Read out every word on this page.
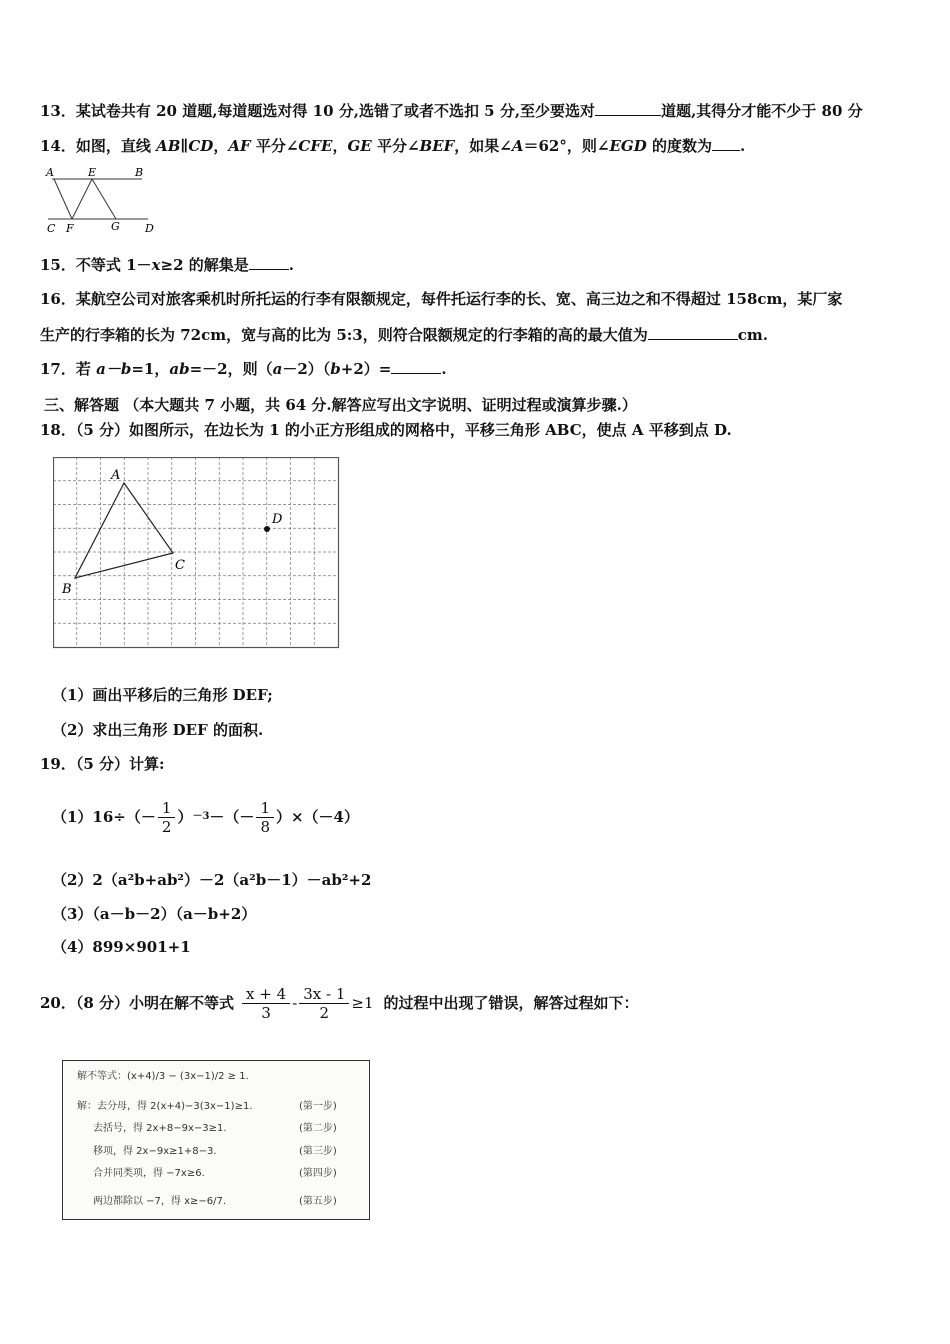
13．某试卷共有 20 道题,每道题选对得 10 分,选错了或者不选扣 5 分,至少要选对	道题,其得分才能不少于 80 分
14．如图，直线 AB∥CD，AF 平分∠CFE，GE 平分∠BEF，如果∠A＝62°，则∠EGD 的度数为 .
A	E	B
C F	G D
15．不等式 1－x≥2 的解集是	.
16．某航空公司对旅客乘机时所托运的行李有限额规定，每件托运行李的长、宽、高三边之和不得超过 158cm，某厂家
生产的行李箱的长为 72cm，宽与高的比为 5:3，则符合限额规定的行李箱的高的最大值为	cm.
17．若 a－b=1，ab=－2，则（a－2）（b+2）=	.
三、解答题 （本大题共 7 小题，共 64 分.解答应写出文字说明、证明过程或演算步骤.）
18．（5 分）如图所示，在边长为 1 的小正方形组成的网格中，平移三角形 ABC，使点 A 平移到点 D.
A
B
C
D
（1）画出平移后的三角形 DEF;
（2）求出三角形 DEF 的面积.
19．（5 分）计算:
$(1)16\div(- \frac{1}{2}$ ） －3 －（－ $\frac{1}{8} )\times(-4)$
（2）2（a²b+ab²）－2（a²b－1）－ab²+2
（3）（a－b－2）（a－b+2）
（4）899×901+1
20．（8 分）小明在解不等式 $\frac{x + 4}{3} - \frac{3x - 1}{2} \ge 1$ 的过程中出现了错误，解答过程如下：
解不等式：(x+4)/3 − (3x−1)/2 ≥ 1.
解：去分母，得 2(x+4)−3(3x−1)≥1.	(第一步)
去括号，得 2x+8−9x−3≥1.	(第二步)
移项，得 2x−9x≥1+8−3.	(第三步)
合并同类项，得 −7x≥6.	(第四步)
两边都除以 −7，得 x≥−6/7.	(第五步)
